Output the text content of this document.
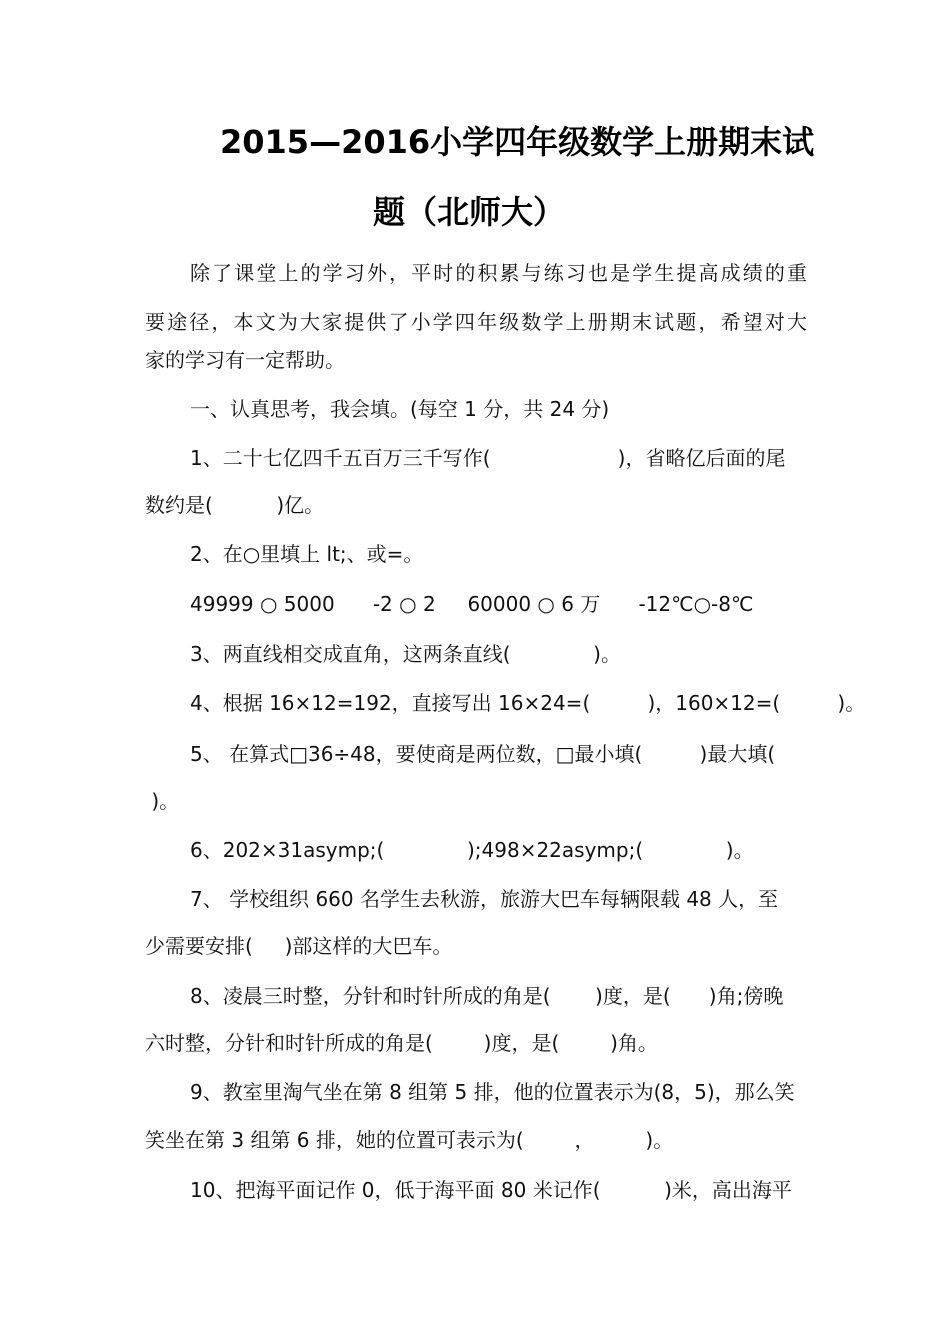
2015—2016小学四年级数学上册期末试
题（北师大）
除了课堂上的学习外，平时的积累与练习也是学生提高成绩的重
要途径，本文为大家提供了小学四年级数学上册期末试题，希望对大
家的学习有一定帮助。
一、认真思考，我会填。(每空 1 分，共 24 分)
1、二十七亿四千五百万三千写作(                    )，省略亿后面的尾
数约是(          )亿。
2、在○里填上 lt;、或=。
49999 ○ 5000      -2 ○ 2     60000 ○ 6 万      -12℃○-8℃
3、两直线相交成直角，这两条直线(             )。
4、根据 16×12=192，直接写出 16×24=(         )，160×12=(         )。
5、 在算式□36÷48，要使商是两位数，□最小填(         )最大填(
)。
6、202×31asymp;(             );498×22asymp;(             )。
7、 学校组织 660 名学生去秋游，旅游大巴车每辆限载 48 人，至
少需要安排(     )部这样的大巴车。
8、凌晨三时整，分针和时针所成的角是(       )度，是(      )角;傍晚
六时整，分针和时针所成的角是(        )度，是(        )角。
9、教室里淘气坐在第 8 组第 5 排，他的位置表示为(8，5)，那么笑
笑坐在第 3 组第 6 排，她的位置可表示为(        ，        )。
10、把海平面记作 0，低于海平面 80 米记作(          )米，高出海平
